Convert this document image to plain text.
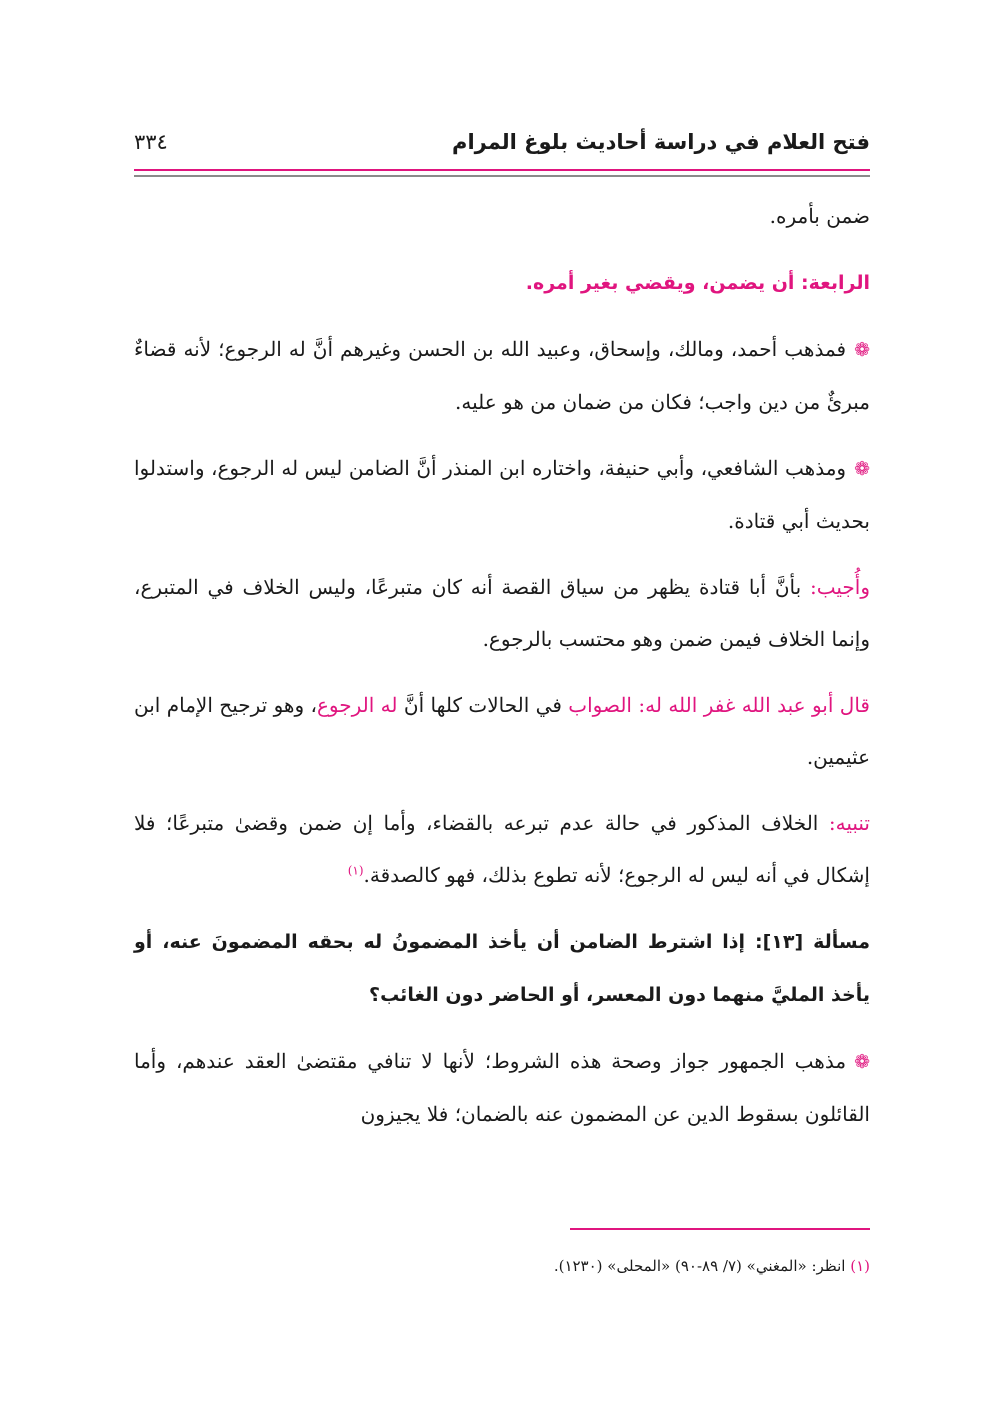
فتح العلام في دراسة أحاديث بلوغ المرام
٣٣٤

ضمن بأمره.

الرابعة: أن يضمن، ويقضي بغير أمره.

❁فمذهب أحمد، ومالك، وإسحاق، وعبيد الله بن الحسن وغيرهم أنَّ له الرجوع؛ لأنه قضاءٌ مبرئٌ من دين واجب؛ فكان من ضمان من هو عليه.

❁ومذهب الشافعي، وأبي حنيفة، واختاره ابن المنذر أنَّ الضامن ليس له الرجوع، واستدلوا بحديث أبي قتادة.

وأُجيب: بأنَّ أبا قتادة يظهر من سياق القصة أنه كان متبرعًا، وليس الخلاف في المتبرع، وإنما الخلاف فيمن ضمن وهو محتسب بالرجوع.

قال أبو عبد الله غفر الله له: الصواب في الحالات كلها أنَّ له الرجوع، وهو ترجيح الإمام ابن عثيمين.

تنبيه: الخلاف المذكور في حالة عدم تبرعه بالقضاء، وأما إن ضمن وقضىٰ متبرعًا؛ فلا إشكال في أنه ليس له الرجوع؛ لأنه تطوع بذلك، فهو كالصدقة.$^{(١)}$

مسألة [١٣]: إذا اشترط الضامن أن يأخذ المضمونُ له بحقه المضمونَ عنه، أو يأخذ المليَّ منهما دون المعسر، أو الحاضر دون الغائب؟

❁مذهب الجمهور جواز وصحة هذه الشروط؛ لأنها لا تنافي مقتضىٰ العقد عندهم، وأما القائلون بسقوط الدين عن المضمون عنه بالضمان؛ فلا يجيزون

(١) انظر: «المغني» (٧/ ٨٩-٩٠) «المحلى» (١٢٣٠).
